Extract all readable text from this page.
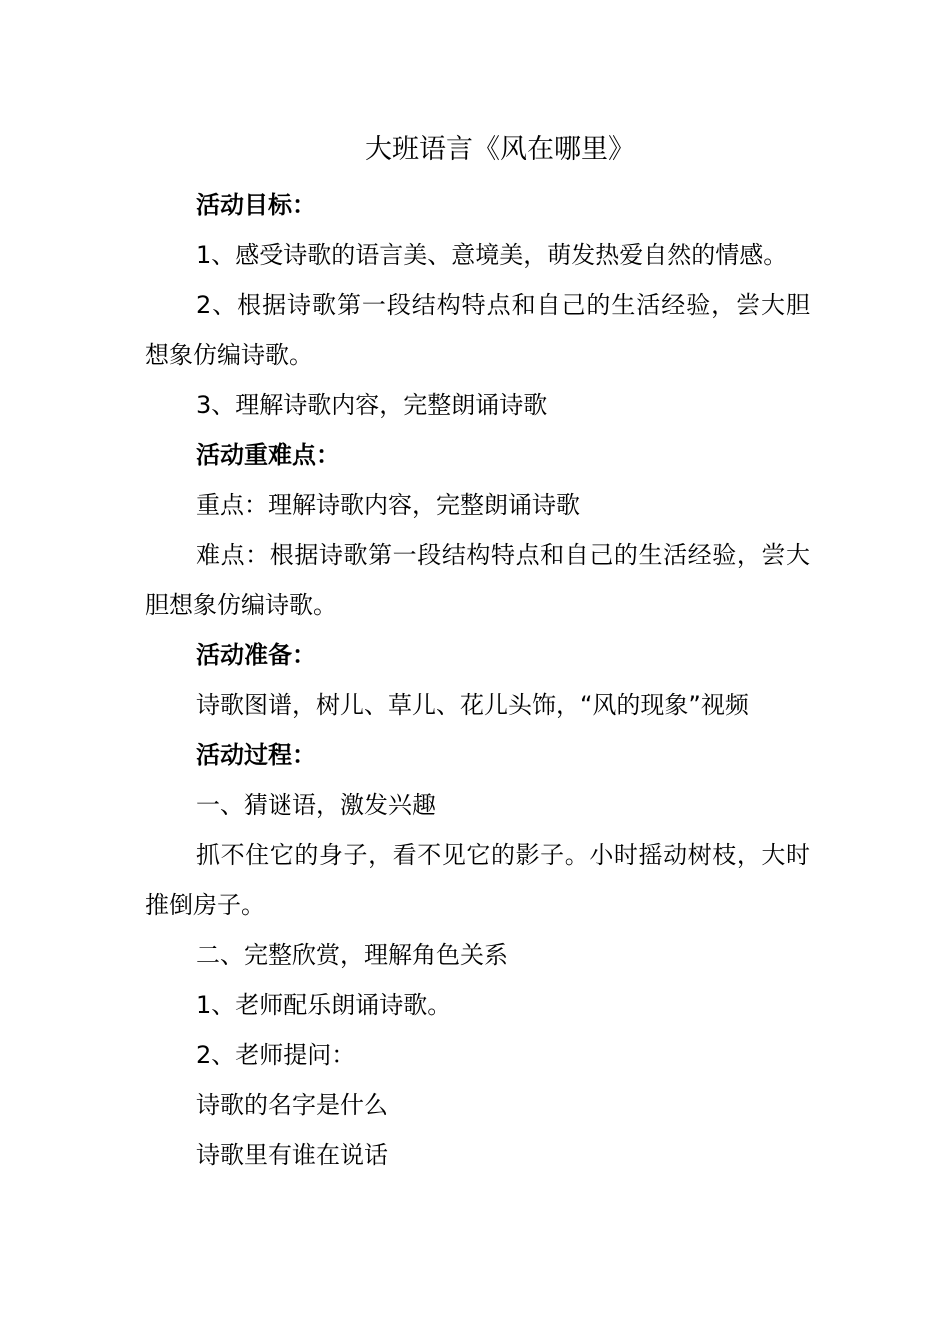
大班语言《风在哪里》

活动目标：

1、感受诗歌的语言美、意境美，萌发热爱自然的情感。

2、根据诗歌第一段结构特点和自己的生活经验，尝大胆想象仿编诗歌。

3、理解诗歌内容，完整朗诵诗歌

活动重难点：

重点：理解诗歌内容，完整朗诵诗歌

难点：根据诗歌第一段结构特点和自己的生活经验，尝大胆想象仿编诗歌。

活动准备：

诗歌图谱，树儿、草儿、花儿头饰，“风的现象”视频

活动过程：

一、猜谜语，激发兴趣

抓不住它的身子，看不见它的影子。小时摇动树枝，大时推倒房子。

二、完整欣赏，理解角色关系

1、老师配乐朗诵诗歌。

2、老师提问：

诗歌的名字是什么

诗歌里有谁在说话
